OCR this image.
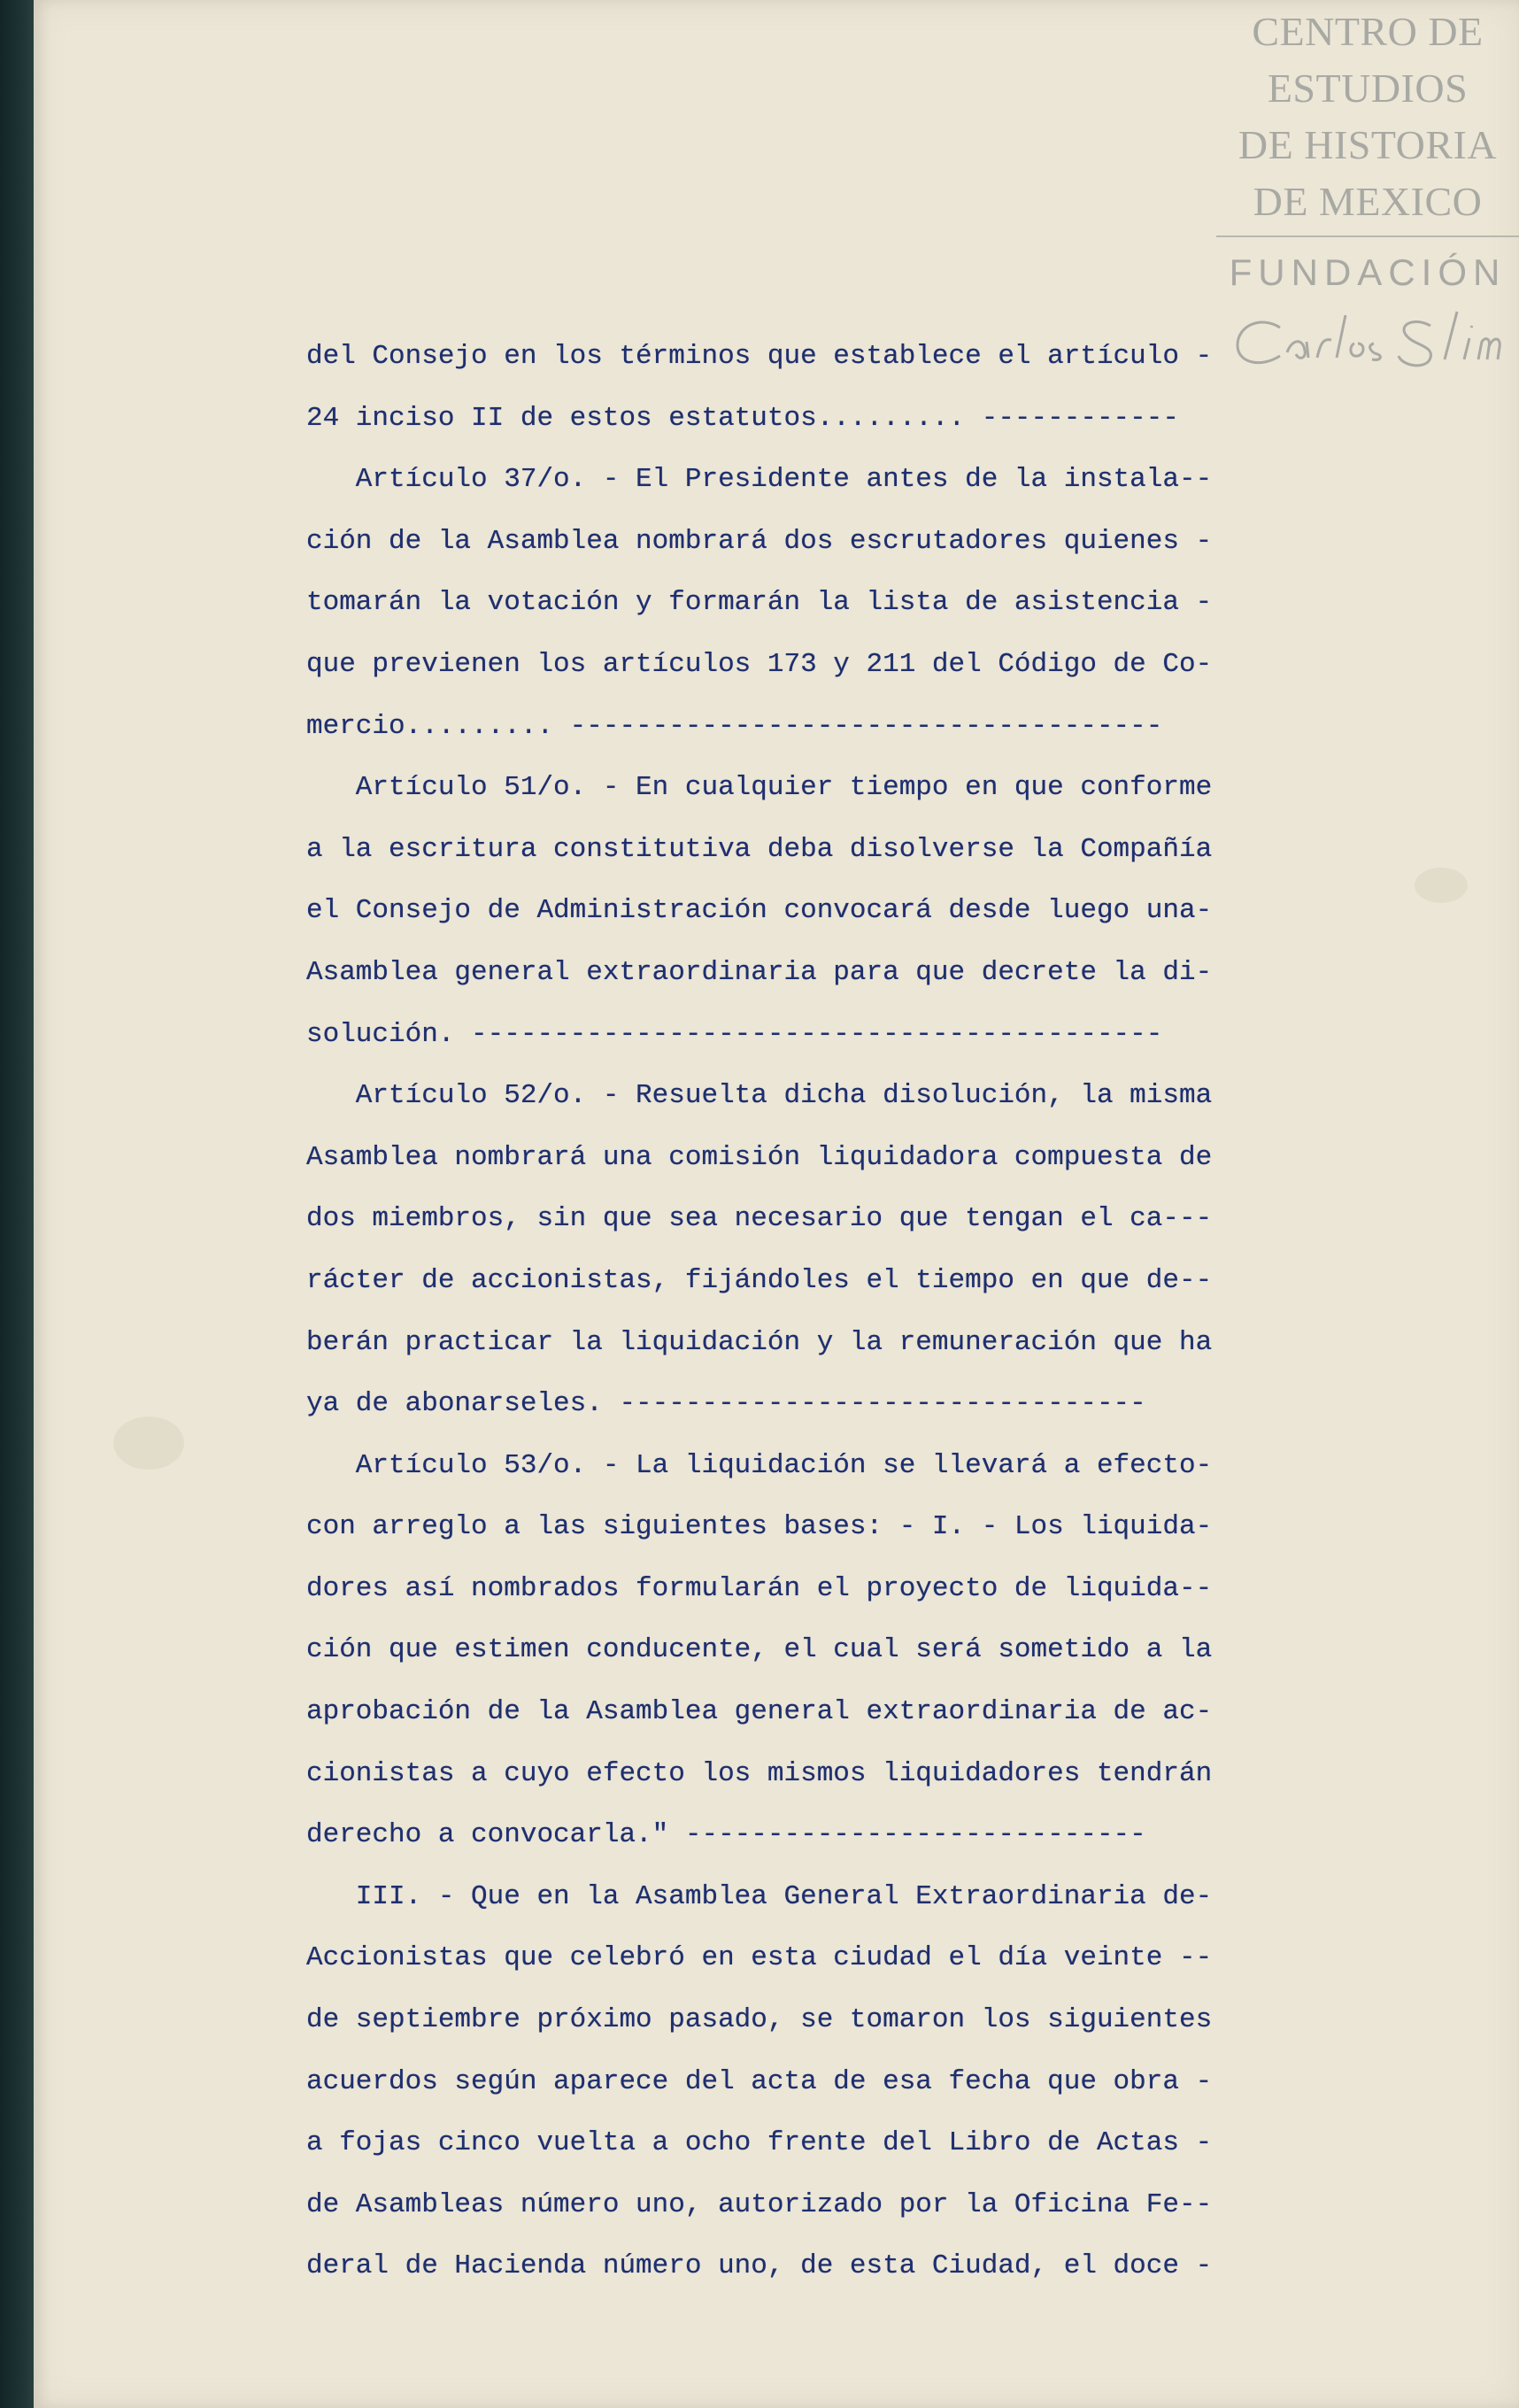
CENTRO DE
ESTUDIOS
DE HISTORIA
DE MEXICO
FUNDACIÓN
del Consejo en los términos que establece el artículo -
24 inciso II de estos estatutos......... ------------
Artículo 37/o. - El Presidente antes de la instala--
ción de la Asamblea nombrará dos escrutadores quienes -
tomarán la votación y formarán la lista de asistencia -
que previenen los artículos 173 y 211 del Código de Co-
mercio......... ------------------------------------
Artículo 51/o. - En cualquier tiempo en que conforme
a la escritura constitutiva deba disolverse la Compañía
el Consejo de Administración convocará desde luego una-
Asamblea general extraordinaria para que decrete la di-
solución. ------------------------------------------
Artículo 52/o. - Resuelta dicha disolución, la misma
Asamblea nombrará una comisión liquidadora compuesta de
dos miembros, sin que sea necesario que tengan el ca---
rácter de accionistas, fijándoles el tiempo en que de--
berán practicar la liquidación y la remuneración que ha
ya de abonarseles. --------------------------------
Artículo 53/o. - La liquidación se llevará a efecto-
con arreglo a las siguientes bases: - I. - Los liquida-
dores así nombrados formularán el proyecto de liquida--
ción que estimen conducente, el cual será sometido a la
aprobación de la Asamblea general extraordinaria de ac-
cionistas a cuyo efecto los mismos liquidadores tendrán
derecho a convocarla." ----------------------------
III. - Que en la Asamblea General Extraordinaria de-
Accionistas que celebró en esta ciudad el día veinte --
de septiembre próximo pasado, se tomaron los siguientes
acuerdos según aparece del acta de esa fecha que obra -
a fojas cinco vuelta a ocho frente del Libro de Actas -
de Asambleas número uno, autorizado por la Oficina Fe--
deral de Hacienda número uno, de esta Ciudad, el doce -
